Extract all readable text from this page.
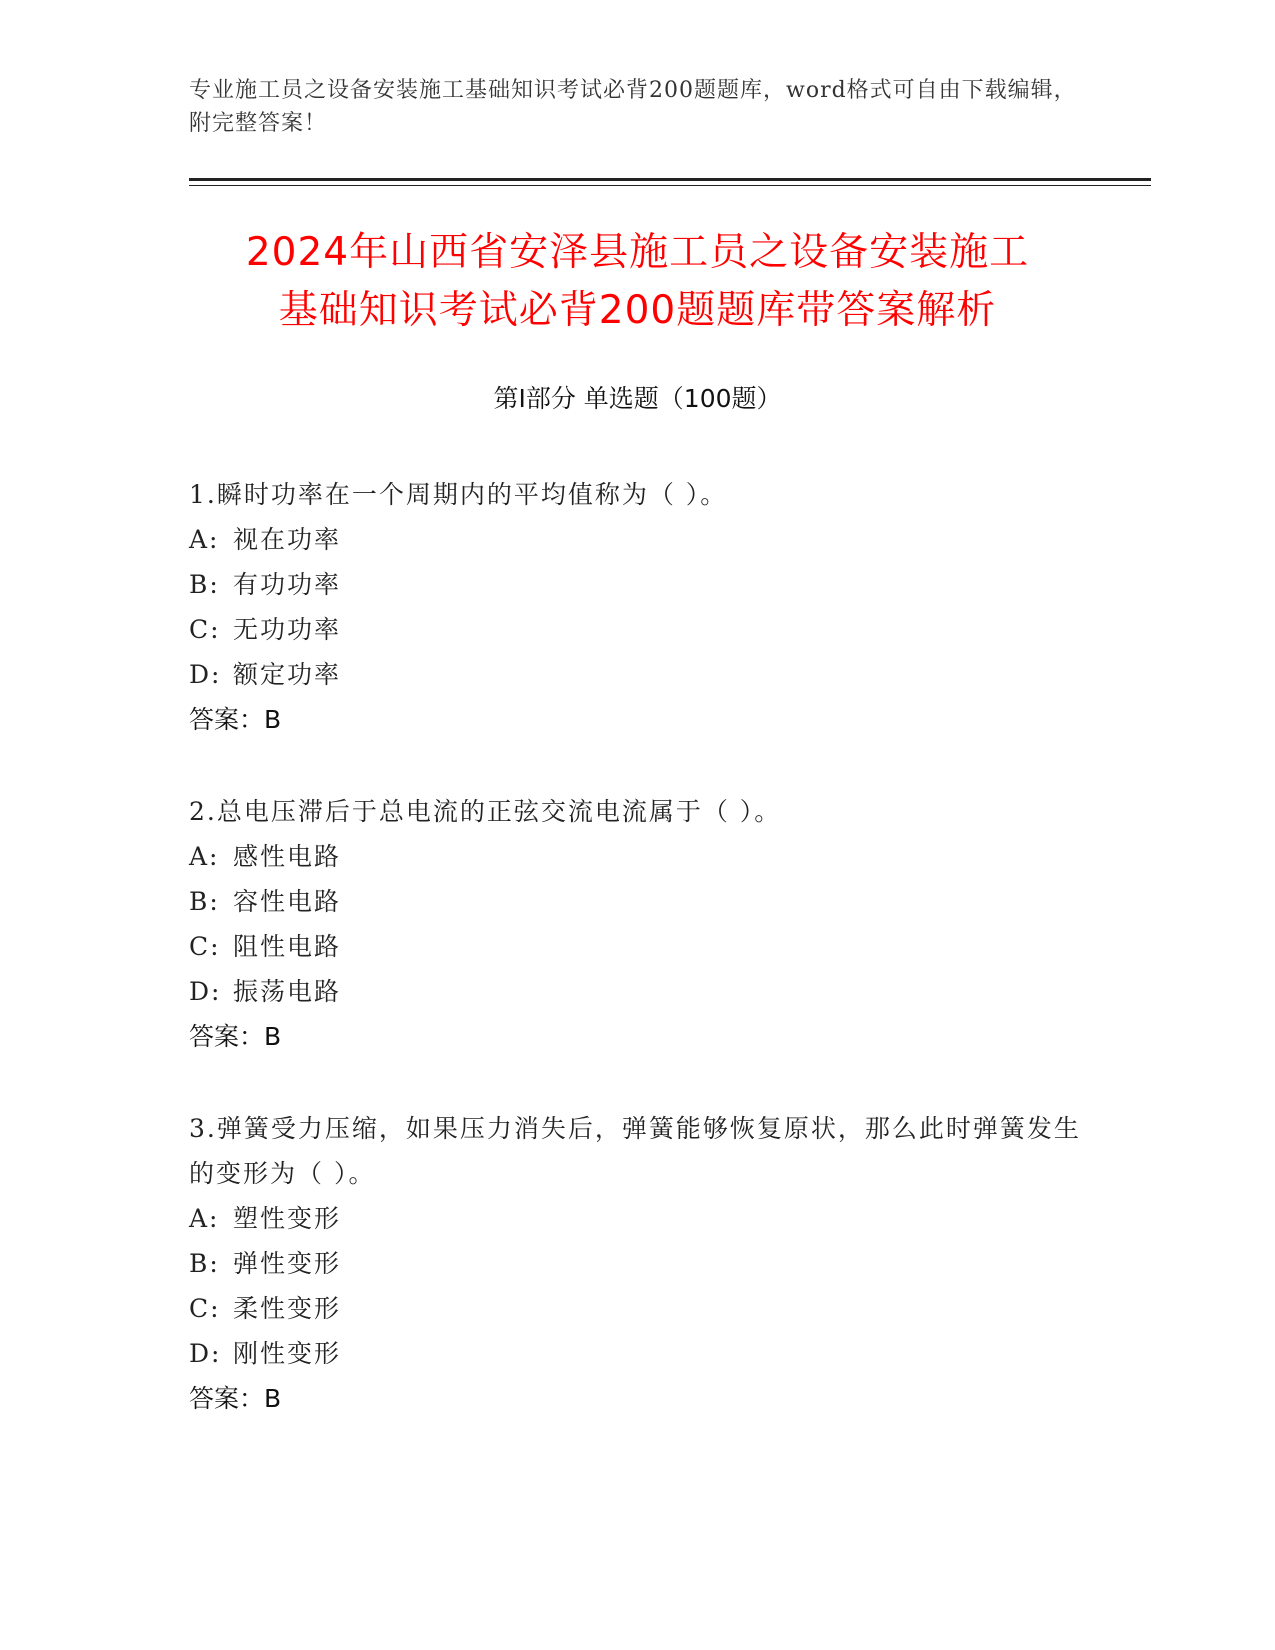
专业施工员之设备安装施工基础知识考试必背200题题库，word格式可自由下载编辑，附完整答案！
2024年山西省安泽县施工员之设备安装施工
基础知识考试必背200题题库带答案解析
第Ⅰ部分 单选题（100题）
1.瞬时功率在一个周期内的平均值称为（ ）。
A: 视在功率
B: 有功功率
C: 无功功率
D: 额定功率
答案：B
2.总电压滞后于总电流的正弦交流电流属于（ ）。
A: 感性电路
B: 容性电路
C: 阻性电路
D: 振荡电路
答案：B
3.弹簧受力压缩，如果压力消失后，弹簧能够恢复原状，那么此时弹簧发生的变形为（ ）。
A: 塑性变形
B: 弹性变形
C: 柔性变形
D: 刚性变形
答案：B
